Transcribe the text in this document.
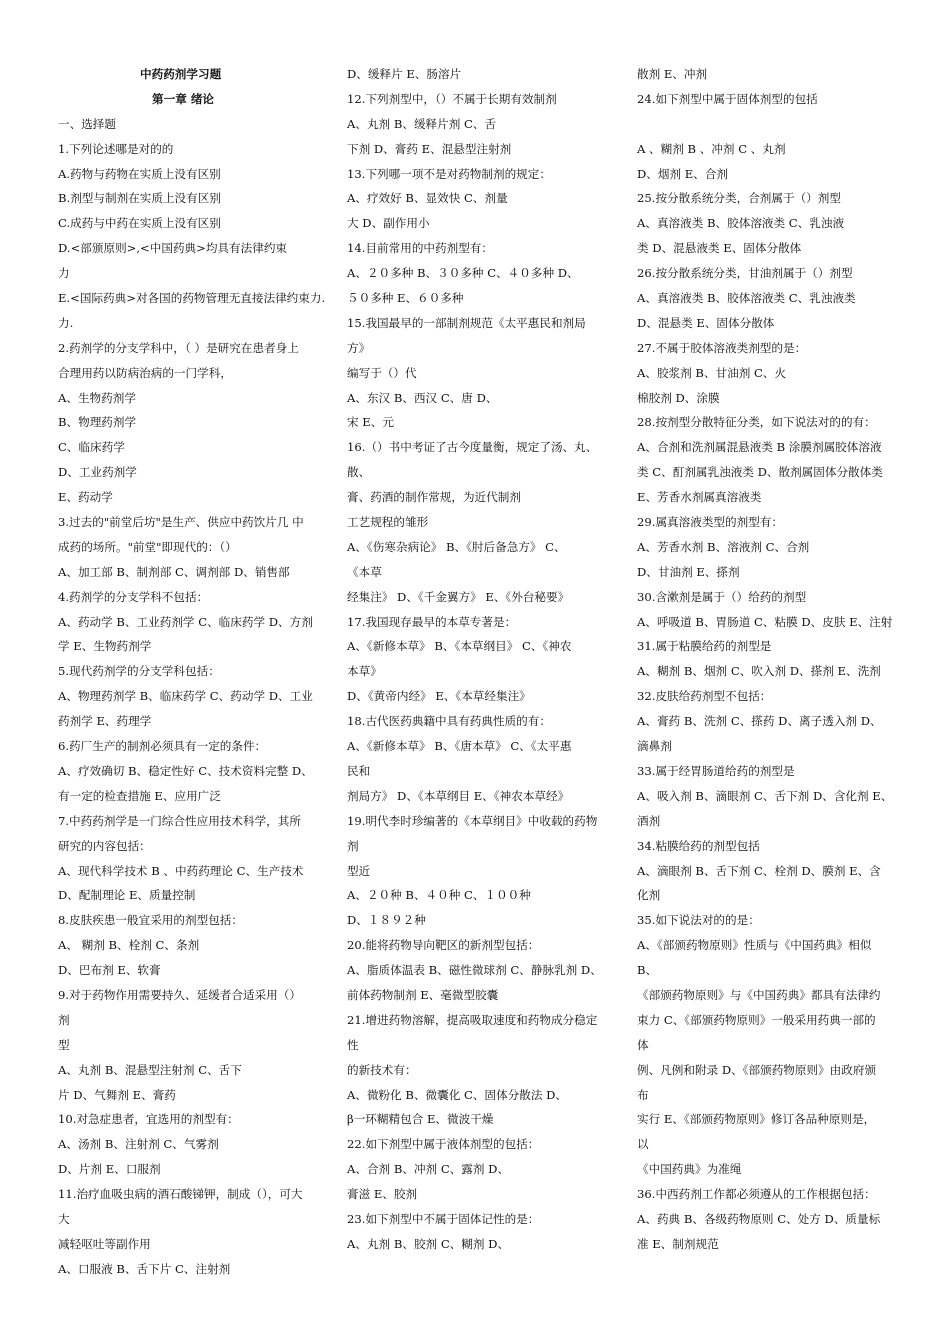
中药药剂学习题
第一章 绪论
一、选择题
1.下列论述哪是对的的
A.药物与药物在实质上没有区别
B.剂型与制剂在实质上没有区别
C.成药与中药在实质上没有区别
D.<部颁原则>,<中国药典>均具有法律约束
力
E.<国际药典>对各国的药物管理无直接法律约束力.
力.
2.药剂学的分支学科中，（ ）是研究在患者身上
合理用药以防病治病的一门学科，
A、生物药剂学
B、物理药剂学
C、临床药学
D、工业药剂学
E、药动学
3.过去的"前堂后坊"是生产、供应中药饮片几 中
成药的场所。"前堂"即现代的：（）
A、加工部 B、制剂部 C、调剂部 D、销售部
4.药剂学的分支学科不包括：
A、药动学 B、工业药剂学 C、临床药学 D、方剂
学 E、生物药剂学
5.现代药剂学的分支学科包括：
A、物理药剂学 B、临床药学 C、药动学 D、工业
药剂学 E、药理学
6.药厂生产的制剂必须具有一定的条件：
A、疗效确切 B、稳定性好 C、技术资料完整 D、
有一定的检查措施 E、应用广泛
7.中药药剂学是一门综合性应用技术科学，其所
研究的内容包括：
A、现代科学技术 B 、中药药理论 C、生产技术
D、配制理论 E、质量控制
8.皮肤疾患一般宜采用的剂型包括：
A、 糊剂 B、栓剂 C、条剂
D、巴布剂 E、软膏
9.对于药物作用需要持久、延缓者合适采用（）
剂
型
A、丸剂 B、混悬型注射剂 C、舌下
片 D、气舞剂 E、膏药
10.对急症患者，宜选用的剂型有：
A、汤剂 B、注射剂 C、气雾剂
D、片剂 E、口服剂
11.治疗血吸虫病的酒石酸锑钾，制成（），可大
大
减轻呕吐等副作用
A、口服液 B、舌下片 C、注射剂
D、缓释片 E、肠溶片
12.下列剂型中，（）不属于长期有效制剂
A、丸剂 B、缓释片剂 C、舌
下剂 D、膏药 E、混悬型注射剂
13.下列哪一项不是对药物制剂的规定：
A、疗效好 B、显效快 C、剂量
大 D、副作用小
14.目前常用的中药剂型有：
A、２０多种 B、３０多种 C、４０多种 D、
５０多种 E、６０多种
15.我国最早的一部制剂规范《太平惠民和剂局
方》
编写于（）代
A、东汉 B、西汉 C、唐 D、
宋 E、元
16.（）书中考证了古今度量衡，规定了汤、丸、
散、
膏、药酒的制作常规，为近代制剂
工艺规程的雏形
A、《伤寒杂病论》 B、《肘后备急方》 C、
《本草
经集注》 D、《千金翼方》 E、《外台秘要》
17.我国现存最早的本草专著是：
A、《新修本草》 B、《本草纲目》 C、《神农
本草》
D、《黄帝内经》 E、《本草经集注》
18.古代医药典籍中具有药典性质的有：
A、《新修本草》 B、《唐本草》 C、《太平惠
民和
剂局方》 D、《本草纲目 E、《神农本草经》
19.明代李时珍编著的《本草纲目》中收载的药物
剂
型近
A、２０种 B、４０种 C、１００种
D、１８９２种
20.能将药物导向靶区的新剂型包括：
A、脂质体温表 B、磁性微球剂 C、静脉乳剂 D、
前体药物制剂 E、毫微型胶囊
21.增进药物溶解，提高吸取速度和药物成分稳定
性
的新技术有：
A、微粉化 B、微囊化 C、固体分散法 D、
β一环糊精包合 E、微波干燥
22.如下剂型中属于液体剂型的包括：
A、合剂 B、冲剂 C、露剂 D、
膏滋 E、胶剂
23.如下剂型中不属于固体记性的是：
A、丸剂 B、胶剂 C、糊剂 D、
散剂 E、冲剂
24.如下剂型中属于固体剂型的包括
A 、糊剂 B 、冲剂 C 、丸剂
D、烟剂 E、合剂
25.按分散系统分类，合剂属于（）剂型
A、真溶液类 B、胶体溶液类 C、乳浊液
类 D、混悬液类 E、固体分散体
26.按分散系统分类，甘油剂属于（）剂型
A、真溶液类 B、胶体溶液类 C、乳浊液类
D、混悬类 E、固体分散体
27.不属于胶体溶液类剂型的是：
A、胶浆剂 B、甘油剂 C、火
棉胶剂 D、涂膜
28.按剂型分散特征分类，如下说法对的的有：
A、合剂和洗剂属混悬液类 B 涂膜剂属胶体溶液
类 C、酊剂属乳浊液类 D、散剂属固体分散体类
E、芳香水剂属真溶液类
29.属真溶液类型的剂型有：
A、芳香水剂 B、溶液剂 C、合剂
D、甘油剂 E、搽剂
30.含漱剂是属于（）给药的剂型
A、呼吸道 B、胃肠道 C、粘膜 D、皮肤 E、注射
31.属于粘膜给药的剂型是
A、糊剂 B、烟剂 C、吹入剂 D、搽剂 E、洗剂
32.皮肤给药剂型不包括：
A、膏药 B、洗剂 C、搽药 D、离子透入剂 D、
滴鼻剂
33.属于经胃肠道给药的剂型是
A、吸入剂 B、滴眼剂 C、舌下剂 D、含化剂 E、
酒剂
34.粘膜给药的剂型包括
A、滴眼剂 B、舌下剂 C、栓剂 D、膜剂 E、含
化剂
35.如下说法对的的是：
A、《部颁药物原则》性质与《中国药典》相似
B、
《部颁药物原则》与《中国药典》都具有法律约
束力 C、《部颁药物原则》一般采用药典一部的
体
例、凡例和附录 D、《部颁药物原则》由政府颁
布
实行 E、《部颁药物原则》修订各品种原则是，
以
《中国药典》为准绳
36.中西药剂工作都必须遵从的工作根据包括：
A、药典 B、各级药物原则 C、处方 D、质量标
准 E、制剂规范
